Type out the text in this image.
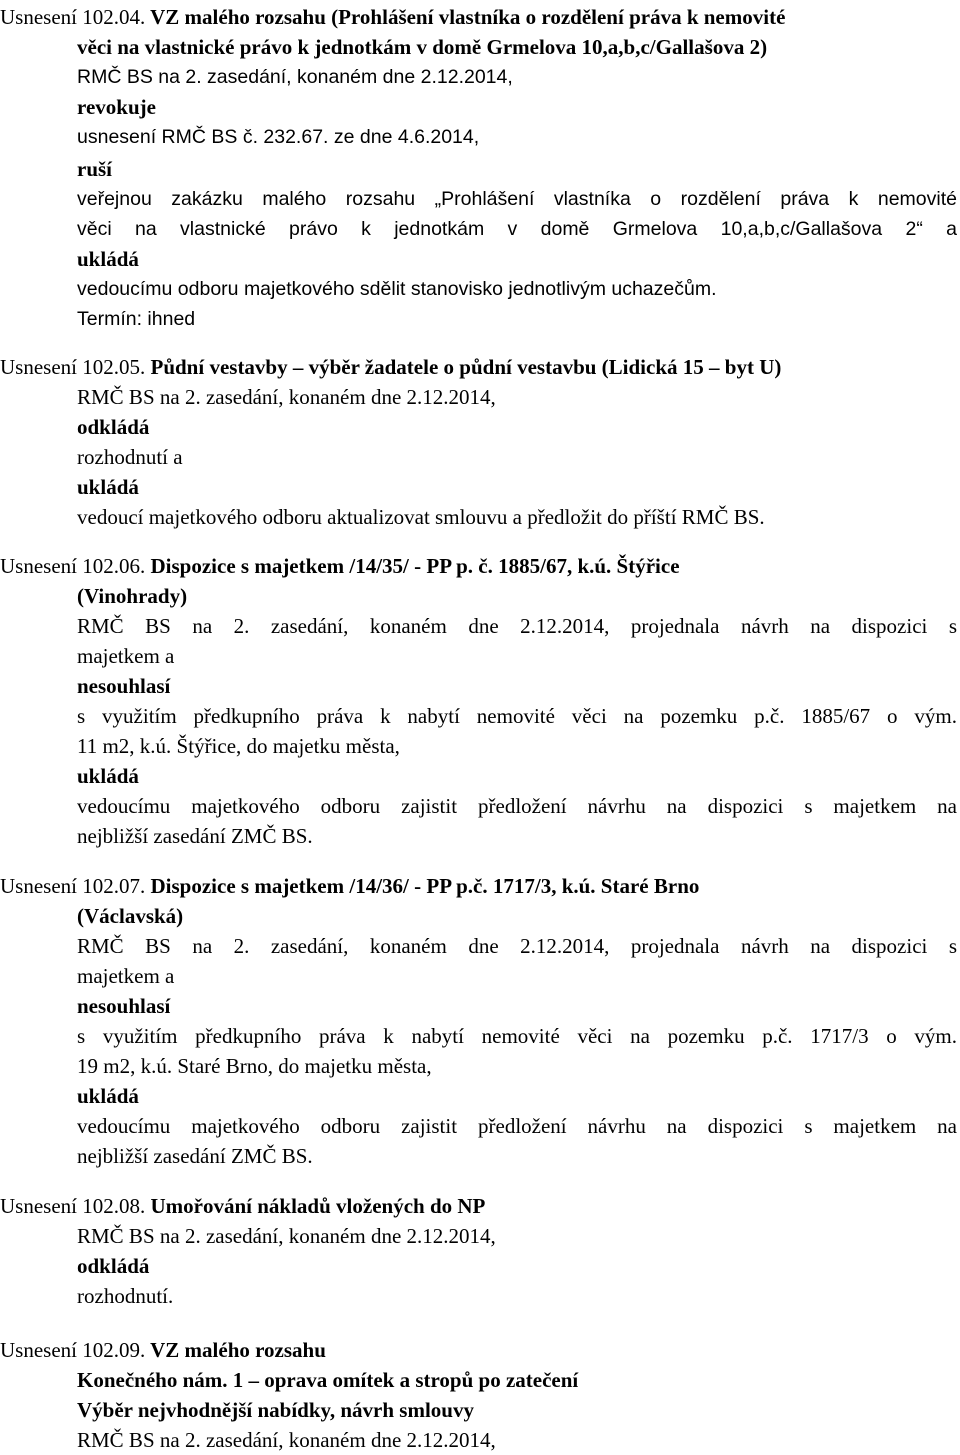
Usnesení 102.04. VZ malého rozsahu (Prohlášení vlastníka o rozdělení práva k nemovité
věci na vlastnické právo k jednotkám v domě Grmelova 10,a,b,c/Gallašova 2)
RMČ BS na 2. zasedání, konaném dne 2.12.2014,
revokuje
usnesení RMČ BS č. 232.67. ze dne 4.6.2014,
ruší
veřejnou zakázku malého rozsahu „Prohlášení vlastníka o rozdělení práva k nemovité
věci na vlastnické právo k jednotkám v domě Grmelova 10,a,b,c/Gallašova 2“ a
ukládá
vedoucímu odboru majetkového sdělit stanovisko jednotlivým uchazečům.
Termín: ihned
Usnesení 102.05. Půdní vestavby – výběr žadatele o půdní vestavbu (Lidická 15 – byt U)
RMČ BS na 2. zasedání, konaném dne 2.12.2014,
odkládá
rozhodnutí a
ukládá
vedoucí majetkového odboru aktualizovat smlouvu a předložit do příští RMČ BS.
Usnesení 102.06. Dispozice s majetkem /14/35/ - PP p. č. 1885/67, k.ú. Štýřice
(Vinohrady)
RMČ BS na 2. zasedání, konaném dne 2.12.2014, projednala návrh na dispozici s
majetkem a
nesouhlasí
s využitím předkupního práva k nabytí nemovité věci na pozemku p.č. 1885/67 o vým.
11 m2, k.ú. Štýřice, do majetku města,
ukládá
vedoucímu majetkového odboru zajistit předložení návrhu na dispozici s majetkem na
nejbližší zasedání ZMČ BS.
Usnesení 102.07. Dispozice s majetkem /14/36/ - PP p.č. 1717/3, k.ú. Staré Brno
(Václavská)
RMČ BS na 2. zasedání, konaném dne 2.12.2014, projednala návrh na dispozici s
majetkem a
nesouhlasí
s využitím předkupního práva k nabytí nemovité věci na pozemku p.č. 1717/3 o vým.
19 m2, k.ú. Staré Brno, do majetku města,
ukládá
vedoucímu majetkového odboru zajistit předložení návrhu na dispozici s majetkem na
nejbližší zasedání ZMČ BS.
Usnesení 102.08. Umořování nákladů vložených do NP
RMČ BS na 2. zasedání, konaném dne 2.12.2014,
odkládá
rozhodnutí.
Usnesení 102.09. VZ malého rozsahu
Konečného nám. 1 – oprava omítek a stropů po zatečení
Výběr nejvhodnější nabídky, návrh smlouvy
RMČ BS na 2. zasedání, konaném dne 2.12.2014,
